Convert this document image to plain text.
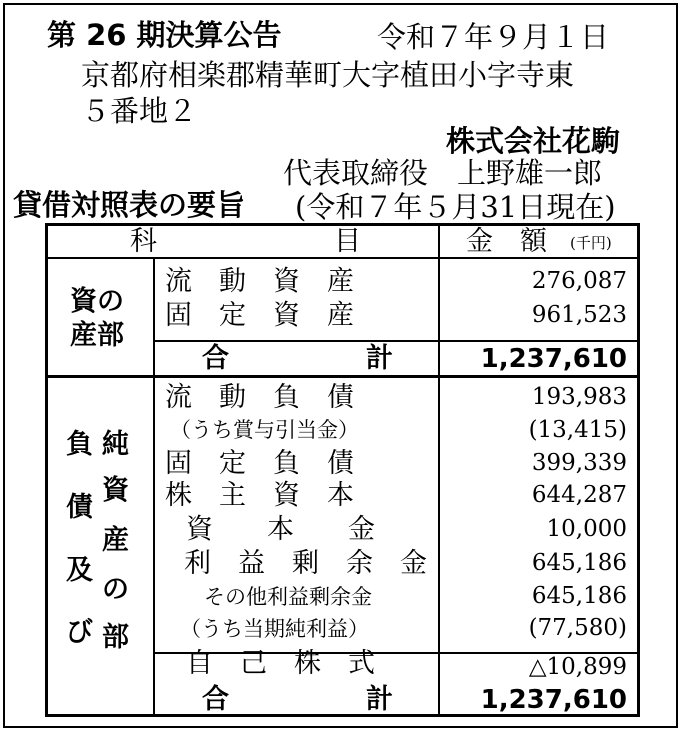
第 26 期決算公告	令和７年９月１日
京都府相楽郡精華町大字植田小字寺東
５番地２
株式会社花駒
代表取締役　上野雄一郎
貸借対照表の要旨 (令和７年５月31日現在)
科	目	金　額 (千円)
資の
産部
流　動　資　産	276,087
固　定　資　産	961,523
合	計	1,237,610
負
債
及
び
純
資
産
の
部
流　動　負　債	193,983
（うち賞与引当金）	(13,415)
固　定　負　債	399,339
株　主　資　本	644,287
資　　本　　金	10,000
利　益　剰　余　金	645,186
その他利益剰余金	645,186
（うち当期純利益）	(77,580)
自　己　株　式	△10,899
合	計	1,237,610
